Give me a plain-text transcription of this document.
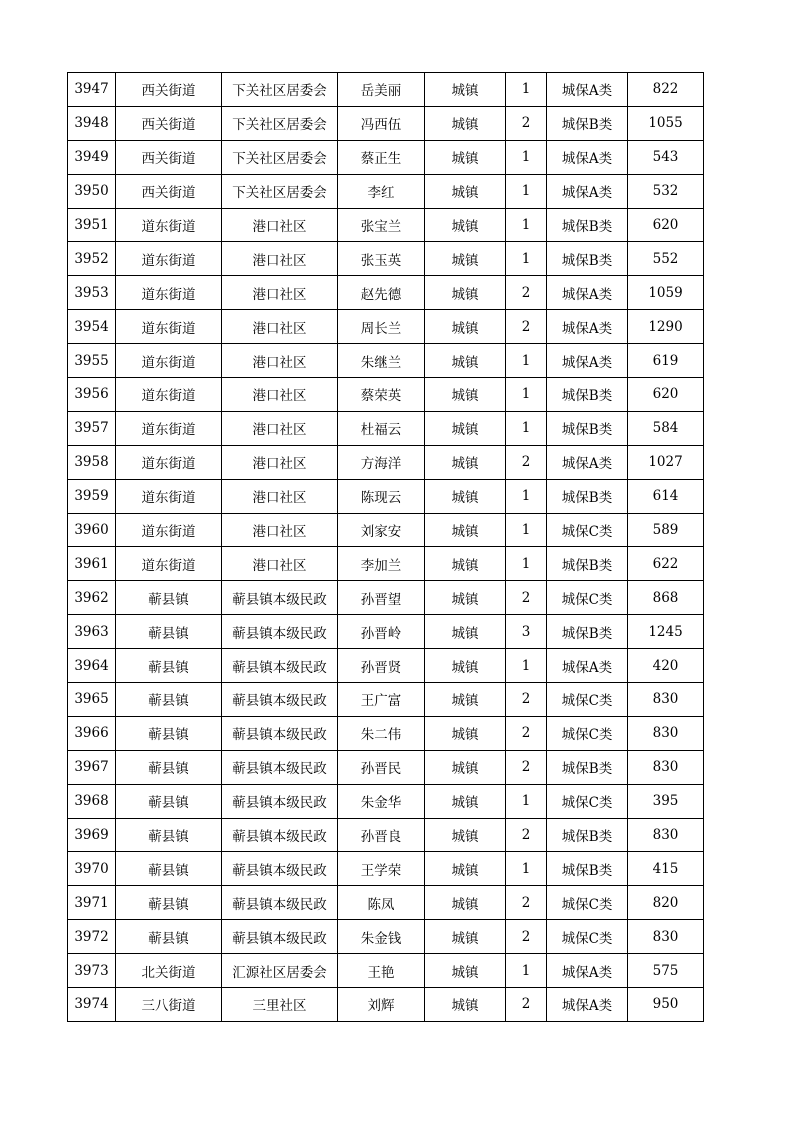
3947	西关街道	下关社区居委会	岳美丽	城镇	1	城保A类	822
3948	西关街道	下关社区居委会	冯西伍	城镇	2	城保B类	1055
3949	西关街道	下关社区居委会	蔡正生	城镇	1	城保A类	543
3950	西关街道	下关社区居委会	李红	城镇	1	城保A类	532
3951	道东街道	港口社区	张宝兰	城镇	1	城保B类	620
3952	道东街道	港口社区	张玉英	城镇	1	城保B类	552
3953	道东街道	港口社区	赵先德	城镇	2	城保A类	1059
3954	道东街道	港口社区	周长兰	城镇	2	城保A类	1290
3955	道东街道	港口社区	朱继兰	城镇	1	城保A类	619
3956	道东街道	港口社区	蔡荣英	城镇	1	城保B类	620
3957	道东街道	港口社区	杜福云	城镇	1	城保B类	584
3958	道东街道	港口社区	方海洋	城镇	2	城保A类	1027
3959	道东街道	港口社区	陈现云	城镇	1	城保B类	614
3960	道东街道	港口社区	刘家安	城镇	1	城保C类	589
3961	道东街道	港口社区	李加兰	城镇	1	城保B类	622
3962	蕲县镇	蕲县镇本级民政	孙晋望	城镇	2	城保C类	868
3963	蕲县镇	蕲县镇本级民政	孙晋岭	城镇	3	城保B类	1245
3964	蕲县镇	蕲县镇本级民政	孙晋贤	城镇	1	城保A类	420
3965	蕲县镇	蕲县镇本级民政	王广富	城镇	2	城保C类	830
3966	蕲县镇	蕲县镇本级民政	朱二伟	城镇	2	城保C类	830
3967	蕲县镇	蕲县镇本级民政	孙晋民	城镇	2	城保B类	830
3968	蕲县镇	蕲县镇本级民政	朱金华	城镇	1	城保C类	395
3969	蕲县镇	蕲县镇本级民政	孙晋良	城镇	2	城保B类	830
3970	蕲县镇	蕲县镇本级民政	王学荣	城镇	1	城保B类	415
3971	蕲县镇	蕲县镇本级民政	陈凤	城镇	2	城保C类	820
3972	蕲县镇	蕲县镇本级民政	朱金钱	城镇	2	城保C类	830
3973	北关街道	汇源社区居委会	王艳	城镇	1	城保A类	575
3974	三八街道	三里社区	刘辉	城镇	2	城保A类	950
